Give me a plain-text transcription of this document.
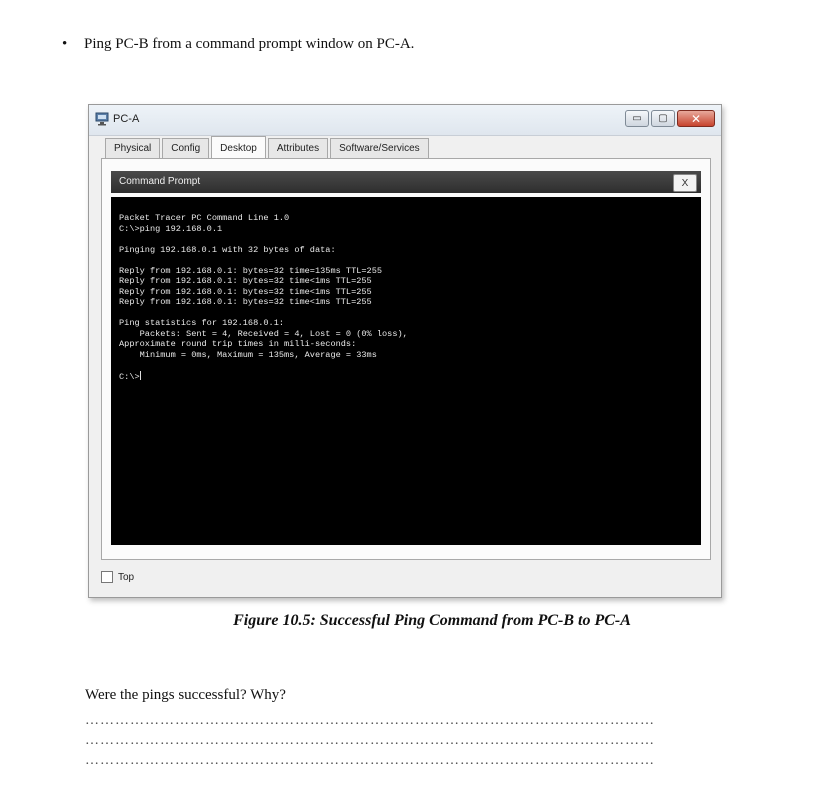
• Ping PC-B from a command prompt window on PC-A.
PC-A	▭	▢	✕
Physical	Config	Desktop	Attributes	Software/Services
Command Prompt	X
Packet Tracer PC Command Line 1.0
C:\>ping 192.168.0.1

Pinging 192.168.0.1 with 32 bytes of data:

Reply from 192.168.0.1: bytes=32 time=135ms TTL=255
Reply from 192.168.0.1: bytes=32 time<1ms TTL=255
Reply from 192.168.0.1: bytes=32 time<1ms TTL=255
Reply from 192.168.0.1: bytes=32 time<1ms TTL=255

Ping statistics for 192.168.0.1:
Packets: Sent = 4, Received = 4, Lost = 0 (0% loss),
Approximate round trip times in milli-seconds:
Minimum = 0ms, Maximum = 135ms, Average = 33ms

C:\>
Top
Figure 10.5: Successful Ping Command from PC-B to PC-A
Were the pings successful? Why?
……………………………………………………………………………………………………
……………………………………………………………………………………………………
……………………………………………………………………………………………………
